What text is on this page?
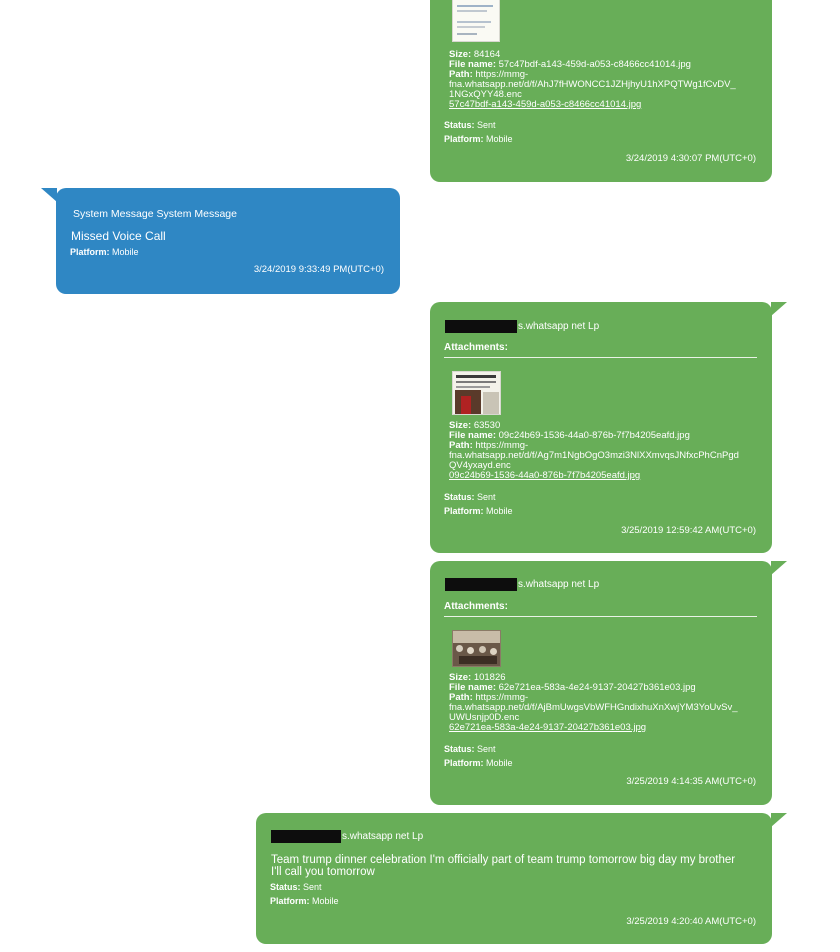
Size: 84164
File name: 57c47bdf-a143-459d-a053-c8466cc41014.jpg
Path: https://mmg-
fna.whatsapp.net/d/f/AhJ7fHWONCC1JZHjhyU1hXPQTWg1fCvDV_
1NGxQYY48.enc
57c47bdf-a143-459d-a053-c8466cc41014.jpg
Status: Sent
Platform: Mobile
3/24/2019 4:30:07 PM(UTC+0)
System Message System Message
Missed Voice Call
Platform: Mobile
3/24/2019 9:33:49 PM(UTC+0)
s.whatsapp net Lp
Attachments:
Size: 63530
File name: 09c24b69-1536-44a0-876b-7f7b4205eafd.jpg
Path: https://mmg-
fna.whatsapp.net/d/f/Ag7m1NgbOgO3mzi3NlXXmvqsJNfxcPhCnPgd
QV4yxayd.enc
09c24b69-1536-44a0-876b-7f7b4205eafd.jpg
Status: Sent
Platform: Mobile
3/25/2019 12:59:42 AM(UTC+0)
s.whatsapp net Lp
Attachments:
Size: 101826
File name: 62e721ea-583a-4e24-9137-20427b361e03.jpg
Path: https://mmg-
fna.whatsapp.net/d/f/AjBmUwgsVbWFHGndixhuXnXwjYM3YoUvSv_
UWUsnjp0D.enc
62e721ea-583a-4e24-9137-20427b361e03.jpg
Status: Sent
Platform: Mobile
3/25/2019 4:14:35 AM(UTC+0)
s.whatsapp net Lp
Team trump dinner celebration I'm officially part of team trump tomorrow big day my brother
I'll call you tomorrow
Status: Sent
Platform: Mobile
3/25/2019 4:20:40 AM(UTC+0)
